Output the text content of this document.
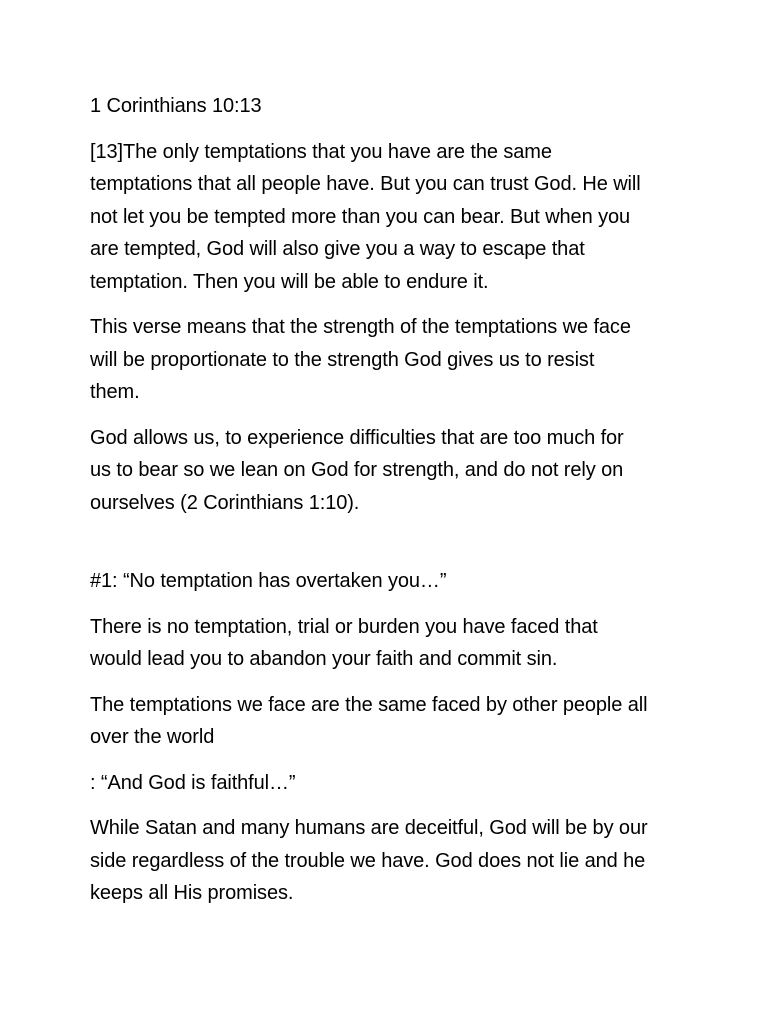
1 Corinthians 10:13

[13]The only temptations that you have are the same
temptations that all people have. But you can trust God. He will
not let you be tempted more than you can bear. But when you
are tempted, God will also give you a way to escape that
temptation. Then you will be able to endure it.

This verse means that the strength of the temptations we face
will be proportionate to the strength God gives us to resist
them.

God allows us, to experience difficulties that are too much for
us to bear so we lean on God for strength, and do not rely on
ourselves (2 Corinthians 1:10).

#1: “No temptation has overtaken you…”

There is no temptation, trial or burden you have faced that
would lead you to abandon your faith and commit sin.

The temptations we face are the same faced by other people all
over the world

: “And God is faithful…”

While Satan and many humans are deceitful, God will be by our
side regardless of the trouble we have. God does not lie and he
keeps all His promises.
